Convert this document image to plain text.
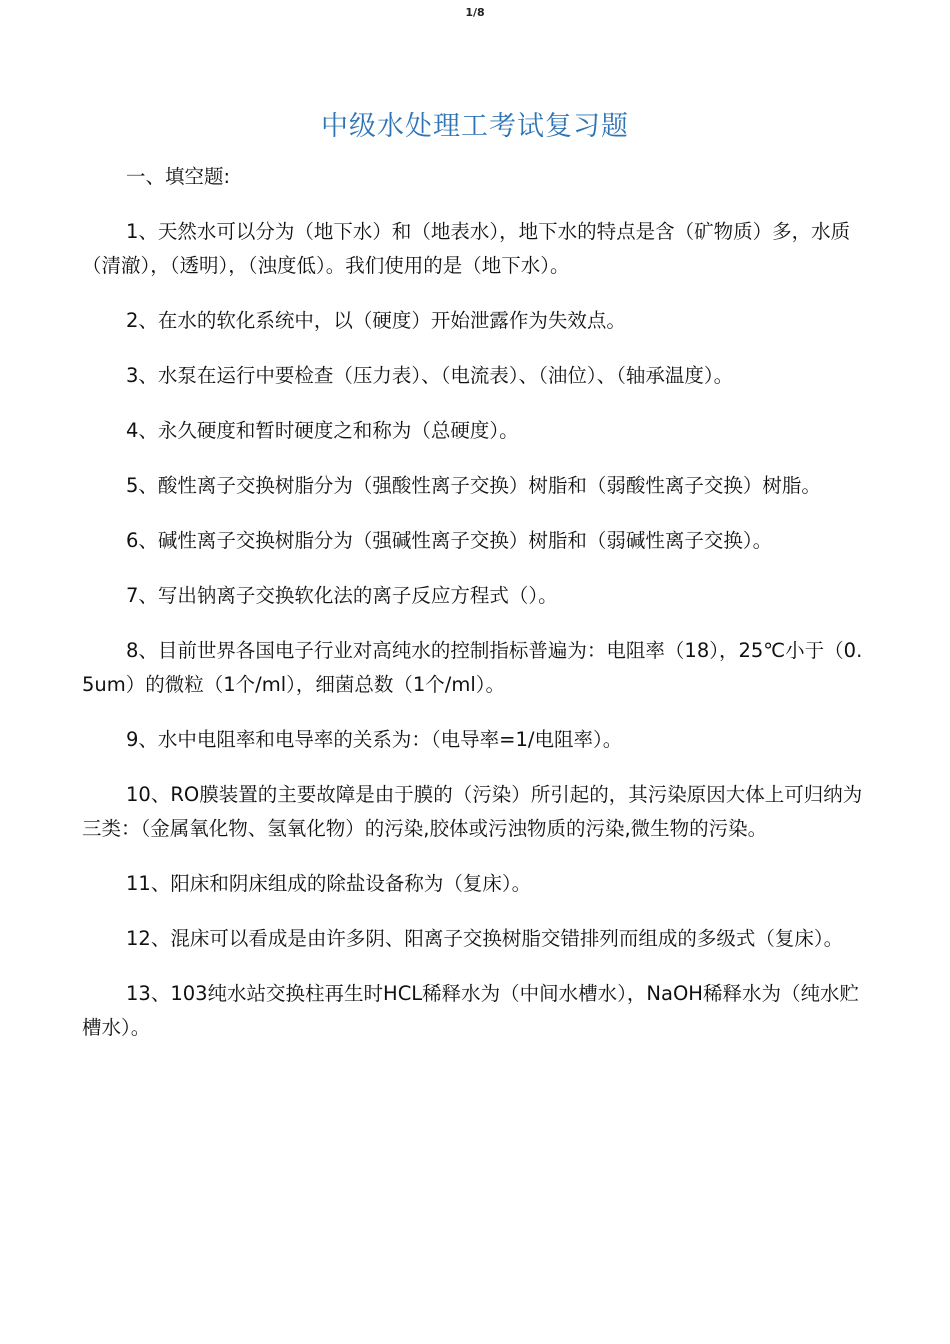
1/8
中级水处理工考试复习题
一、填空题:

1、天然水可以分为（地下水）和（地表水），地下水的特点是含（矿物质）多，水质（清澈），（透明），（浊度低）。我们使用的是（地下水）。

2、在水的软化系统中，以（硬度）开始泄露作为失效点。

3、水泵在运行中要检查（压力表）、（电流表）、（油位）、（轴承温度）。

4、永久硬度和暂时硬度之和称为（总硬度）。

5、酸性离子交换树脂分为（强酸性离子交换）树脂和（弱酸性离子交换）树脂。

6、碱性离子交换树脂分为（强碱性离子交换）树脂和（弱碱性离子交换）。

7、写出钠离子交换软化法的离子反应方程式（）。

8、目前世界各国电子行业对高纯水的控制指标普遍为：电阻率（18），25℃小于（0.5um）的微粒（1个/ml），细菌总数（1个/ml）。

9、水中电阻率和电导率的关系为：（电导率=1/电阻率）。

10、RO膜装置的主要故障是由于膜的（污染）所引起的，其污染原因大体上可归纳为三类：（金属氧化物、氢氧化物）的污染,胶体或污浊物质的污染,微生物的污染。

11、阳床和阴床组成的除盐设备称为（复床）。

12、混床可以看成是由许多阴、阳离子交换树脂交错排列而组成的多级式（复床）。

13、103纯水站交换柱再生时HCL稀释水为（中间水槽水），NaOH稀释水为（纯水贮槽水）。
